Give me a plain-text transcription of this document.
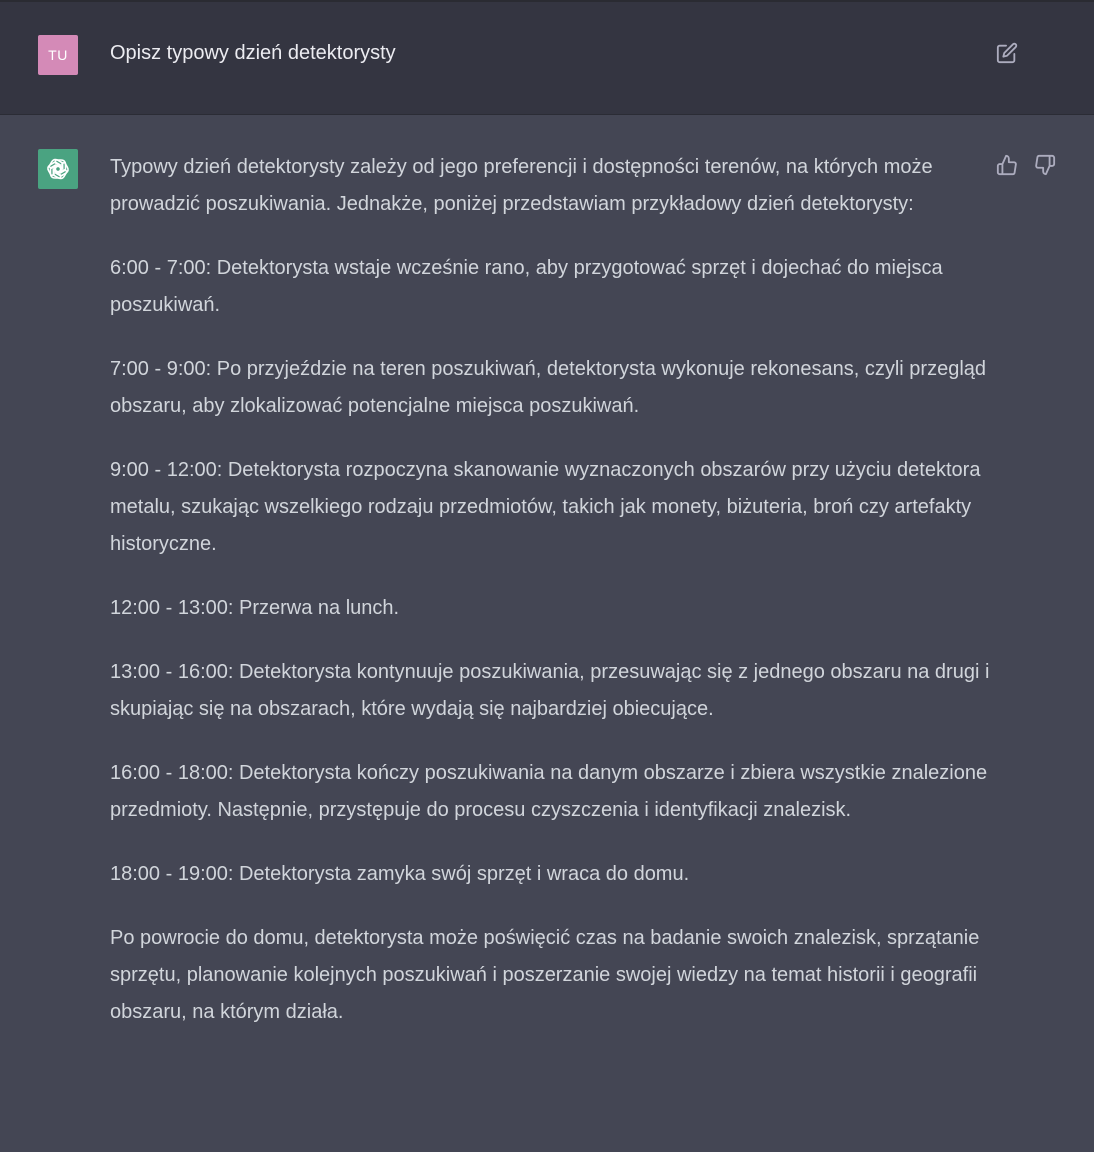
TU Opisz typowy dzień detektorysty

Typowy dzień detektorysty zależy od jego preferencji i dostępności terenów, na których może prowadzić poszukiwania. Jednakże, poniżej przedstawiam przykładowy dzień detektorysty:

6:00 - 7:00: Detektorysta wstaje wcześnie rano, aby przygotować sprzęt i dojechać do miejsca poszukiwań.

7:00 - 9:00: Po przyjeździe na teren poszukiwań, detektorysta wykonuje rekonesans, czyli przegląd obszaru, aby zlokalizować potencjalne miejsca poszukiwań.

9:00 - 12:00: Detektorysta rozpoczyna skanowanie wyznaczonych obszarów przy użyciu detektora metalu, szukając wszelkiego rodzaju przedmiotów, takich jak monety, biżuteria, broń czy artefakty historyczne.

12:00 - 13:00: Przerwa na lunch.

13:00 - 16:00: Detektorysta kontynuuje poszukiwania, przesuwając się z jednego obszaru na drugi i skupiając się na obszarach, które wydają się najbardziej obiecujące.

16:00 - 18:00: Detektorysta kończy poszukiwania na danym obszarze i zbiera wszystkie znalezione przedmioty. Następnie, przystępuje do procesu czyszczenia i identyfikacji znalezisk.

18:00 - 19:00: Detektorysta zamyka swój sprzęt i wraca do domu.

Po powrocie do domu, detektorysta może poświęcić czas na badanie swoich znalezisk, sprzątanie sprzętu, planowanie kolejnych poszukiwań i poszerzanie swojej wiedzy na temat historii i geografii obszaru, na którym działa.
